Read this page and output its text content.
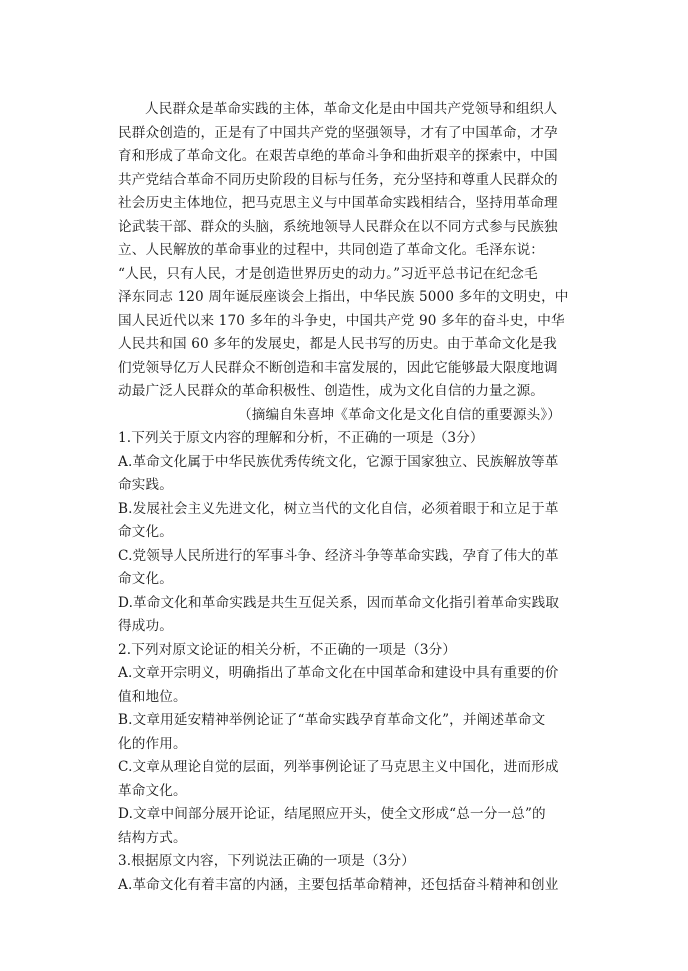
人民群众是革命实践的主体，革命文化是由中国共产党领导和组织人
民群众创造的，正是有了中国共产党的坚强领导，才有了中国革命，才孕
育和形成了革命文化。在艰苦卓绝的革命斗争和曲折艰辛的探索中，中国
共产党结合革命不同历史阶段的目标与任务，充分坚持和尊重人民群众的
社会历史主体地位，把马克思主义与中国革命实践相结合，坚持用革命理
论武装干部、群众的头脑，系统地领导人民群众在以不同方式参与民族独
立、人民解放的革命事业的过程中，共同创造了革命文化。毛泽东说：
“人民，只有人民，才是创造世界历史的动力。”习近平总书记在纪念毛
泽东同志 120 周年诞辰座谈会上指出，中华民族 5000 多年的文明史，中
国人民近代以来 170 多年的斗争史，中国共产党 90 多年的奋斗史，中华
人民共和国 60 多年的发展史，都是人民书写的历史。由于革命文化是我
们党领导亿万人民群众不断创造和丰富发展的，因此它能够最大限度地调
动最广泛人民群众的革命积极性、创造性，成为文化自信的力量之源。
（摘编自朱喜坤《革命文化是文化自信的重要源头》）
1.下列关于原文内容的理解和分析，不正确的一项是（3分）
A.革命文化属于中华民族优秀传统文化，它源于国家独立、民族解放等革
命实践。
B.发展社会主义先进文化，树立当代的文化自信，必须着眼于和立足于革
命文化。
C.党领导人民所进行的军事斗争、经济斗争等革命实践，孕育了伟大的革
命文化。
D.革命文化和革命实践是共生互促关系，因而革命文化指引着革命实践取
得成功。
2.下列对原文论证的相关分析，不正确的一项是（3分）
A.文章开宗明义，明确指出了革命文化在中国革命和建设中具有重要的价
值和地位。
B.文章用延安精神举例论证了“革命实践孕育革命文化”，并阐述革命文
化的作用。
C.文章从理论自觉的层面，列举事例论证了马克思主义中国化，进而形成
革命文化。
D.文章中间部分展开论证，结尾照应开头，使全文形成“总一分一总”的
结构方式。
3.根据原文内容，下列说法正确的一项是（3分）
A.革命文化有着丰富的内涵，主要包括革命精神，还包括奋斗精神和创业
